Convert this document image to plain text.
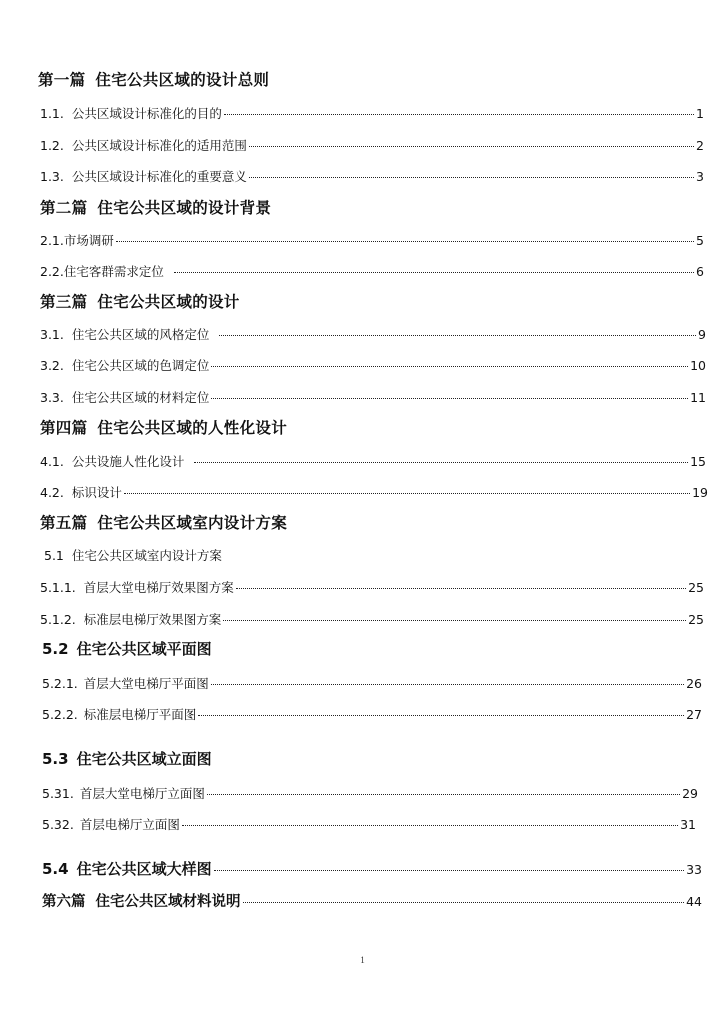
第一篇 住宅公共区域的设计总则
1.1. 公共区域设计标准化的目的	1
1.2. 公共区域设计标准化的适用范围	2
1.3. 公共区域设计标准化的重要意义	3
第二篇 住宅公共区域的设计背景
2.1. 市场调研	5
2.2. 住宅客群需求定位	6
第三篇 住宅公共区域的设计
3.1. 住宅公共区域的风格定位	9
3.2. 住宅公共区域的色调定位	10
3.3. 住宅公共区域的材料定位	11
第四篇 住宅公共区域的人性化设计
4.1. 公共设施人性化设计	15
4.2. 标识设计	19
第五篇 住宅公共区域室内设计方案
5.1 住宅公共区域室内设计方案
5.1.1. 首层大堂电梯厅效果图方案	25
5.1.2. 标准层电梯厅效果图方案	25
5.2 住宅公共区域平面图
5.2.1. 首层大堂电梯厅平面图	26
5.2.2. 标准层电梯厅平面图	27
5.3 住宅公共区域立面图
5.31. 首层大堂电梯厅立面图	29
5.32. 首层电梯厅立面图	31
5.4 住宅公共区域大样图	33
第六篇 住宅公共区域材料说明	44
1
